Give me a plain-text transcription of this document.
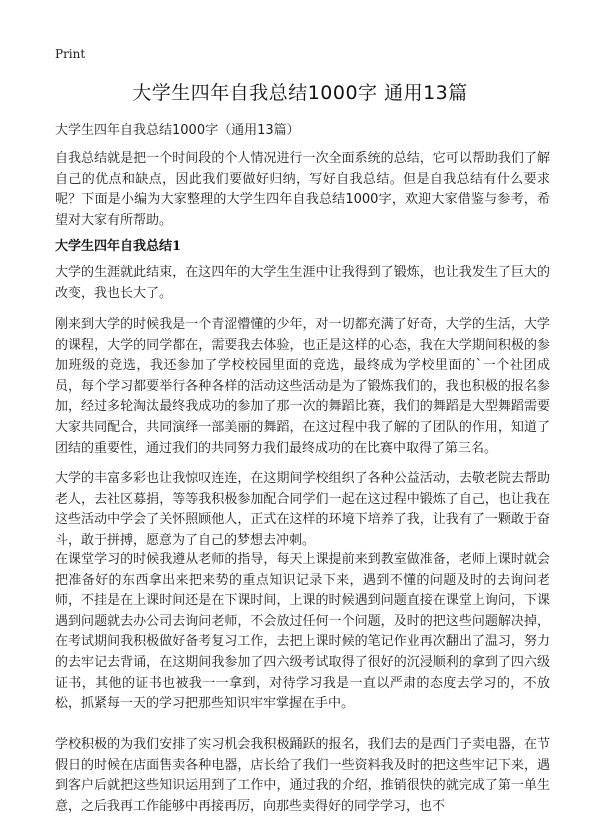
Print
大学生四年自我总结1000字 通用13篇
大学生四年自我总结1000字（通用13篇）
自我总结就是把一个时间段的个人情况进行一次全面系统的总结，它可以帮助我们了解自己的优点和缺点，因此我们要做好归纳，写好自我总结。但是自我总结有什么要求呢？下面是小编为大家整理的大学生四年自我总结1000字，欢迎大家借鉴与参考，希望对大家有所帮助。
大学生四年自我总结1
大学的生涯就此结束，在这四年的大学生生涯中让我得到了锻炼，也让我发生了巨大的改变，我也长大了。
刚来到大学的时候我是一个青涩懵懂的少年，对一切都充满了好奇，大学的生活，大学的课程，大学的同学都在，需要我去体验，也正是这样的心态，我在大学期间积极的参加班级的竞选，我还参加了学校校园里面的竞选，最终成为学校里面的`一个社团成员，每个学习都要举行各种各样的活动这些活动是为了锻炼我们的，我也积极的报名参加，经过多轮淘汰最终我成功的参加了那一次的舞蹈比赛，我们的舞蹈是大型舞蹈需要大家共同配合，共同演绎一部美丽的舞蹈，在这过程中我了解的了团队的作用，知道了团结的重要性，通过我们的共同努力我们最终成功的在比赛中取得了第三名。
大学的丰富多彩也让我惊叹连连，在这期间学校组织了各种公益活动，去敬老院去帮助老人，去社区募捐，等等我积极参加配合同学们一起在这过程中锻炼了自己，也让我在这些活动中学会了关怀照顾他人，正式在这样的环境下培养了我，让我有了一颗敢于奋斗，敢于拼搏，愿意为了自己的梦想去冲刺。
在课堂学习的时候我遵从老师的指导，每天上课提前来到教室做准备，老师上课时就会把准备好的东西拿出来把来势的重点知识记录下来，遇到不懂的问题及时的去询问老师，不挂是在上课时间还是在下课时间，上课的时候遇到问题直接在课堂上询问，下课遇到问题就去办公司去询问老师，不会放过任何一个问题，及时的把这些问题解决掉，在考试期间我积极做好备考复习工作，去把上课时候的笔记作业再次翻出了温习，努力的去牢记去背诵，在这期间我参加了四六级考试取得了很好的沉浸顺利的拿到了四六级证书，其他的证书也被我一一拿到，对待学习我是一直以严肃的态度去学习的，不放松，抓紧每一天的学习把那些知识牢牢掌握在手中。
学校积极的为我们安排了实习机会我积极踊跃的报名，我们去的是西门子卖电器，在节假日的时候在店面售卖各种电器，店长给了我们一些资料我及时的把这些牢记下来，遇到客户后就把这些知识运用到了工作中，通过我的介绍，推销很快的就完成了第一单生意，之后我再工作能够中再接再厉，向那些卖得好的同学学习，也不
